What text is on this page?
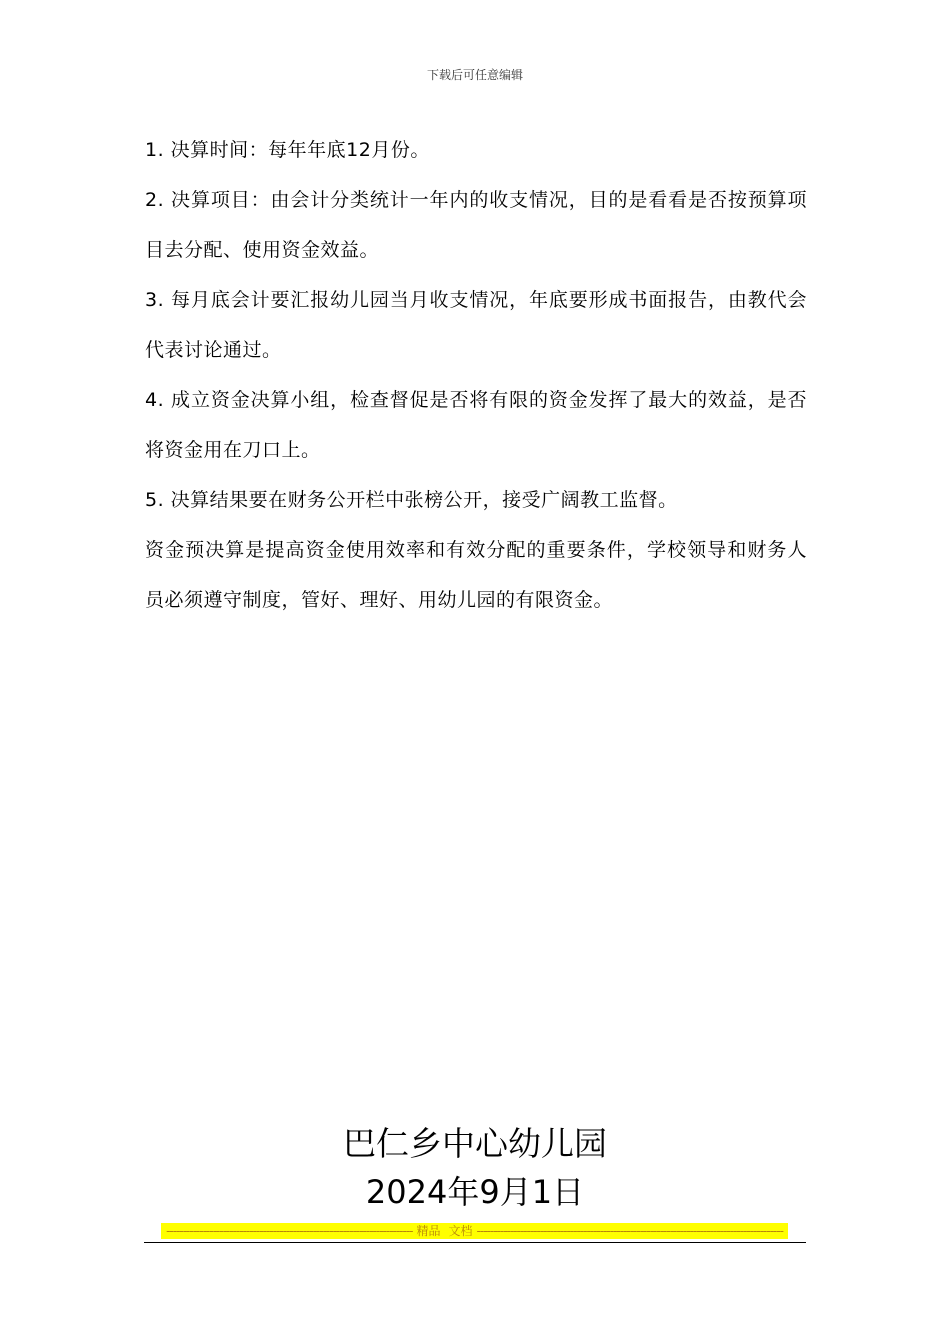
下载后可任意编辑

1. 决算时间：每年年底12月份。

2. 决算项目：由会计分类统计一年内的收支情况，目的是看看是否按预算项目去分配、使用资金效益。

3. 每月底会计要汇报幼儿园当月收支情况，年底要形成书面报告，由教代会代表讨论通过。

4. 成立资金决算小组，检查督促是否将有限的资金发挥了最大的效益，是否将资金用在刀口上。

5. 决算结果要在财务公开栏中张榜公开，接受广阔教工监督。

资金预决算是提高资金使用效率和有效分配的重要条件，学校领导和财务人员必须遵守制度，管好、理好、用幼儿园的有限资金。

巴仁乡中心幼儿园
2024年9月1日
-------------------------------------------------------------------------- 精品 文档 --------------------------------------------------------------------------------------------
